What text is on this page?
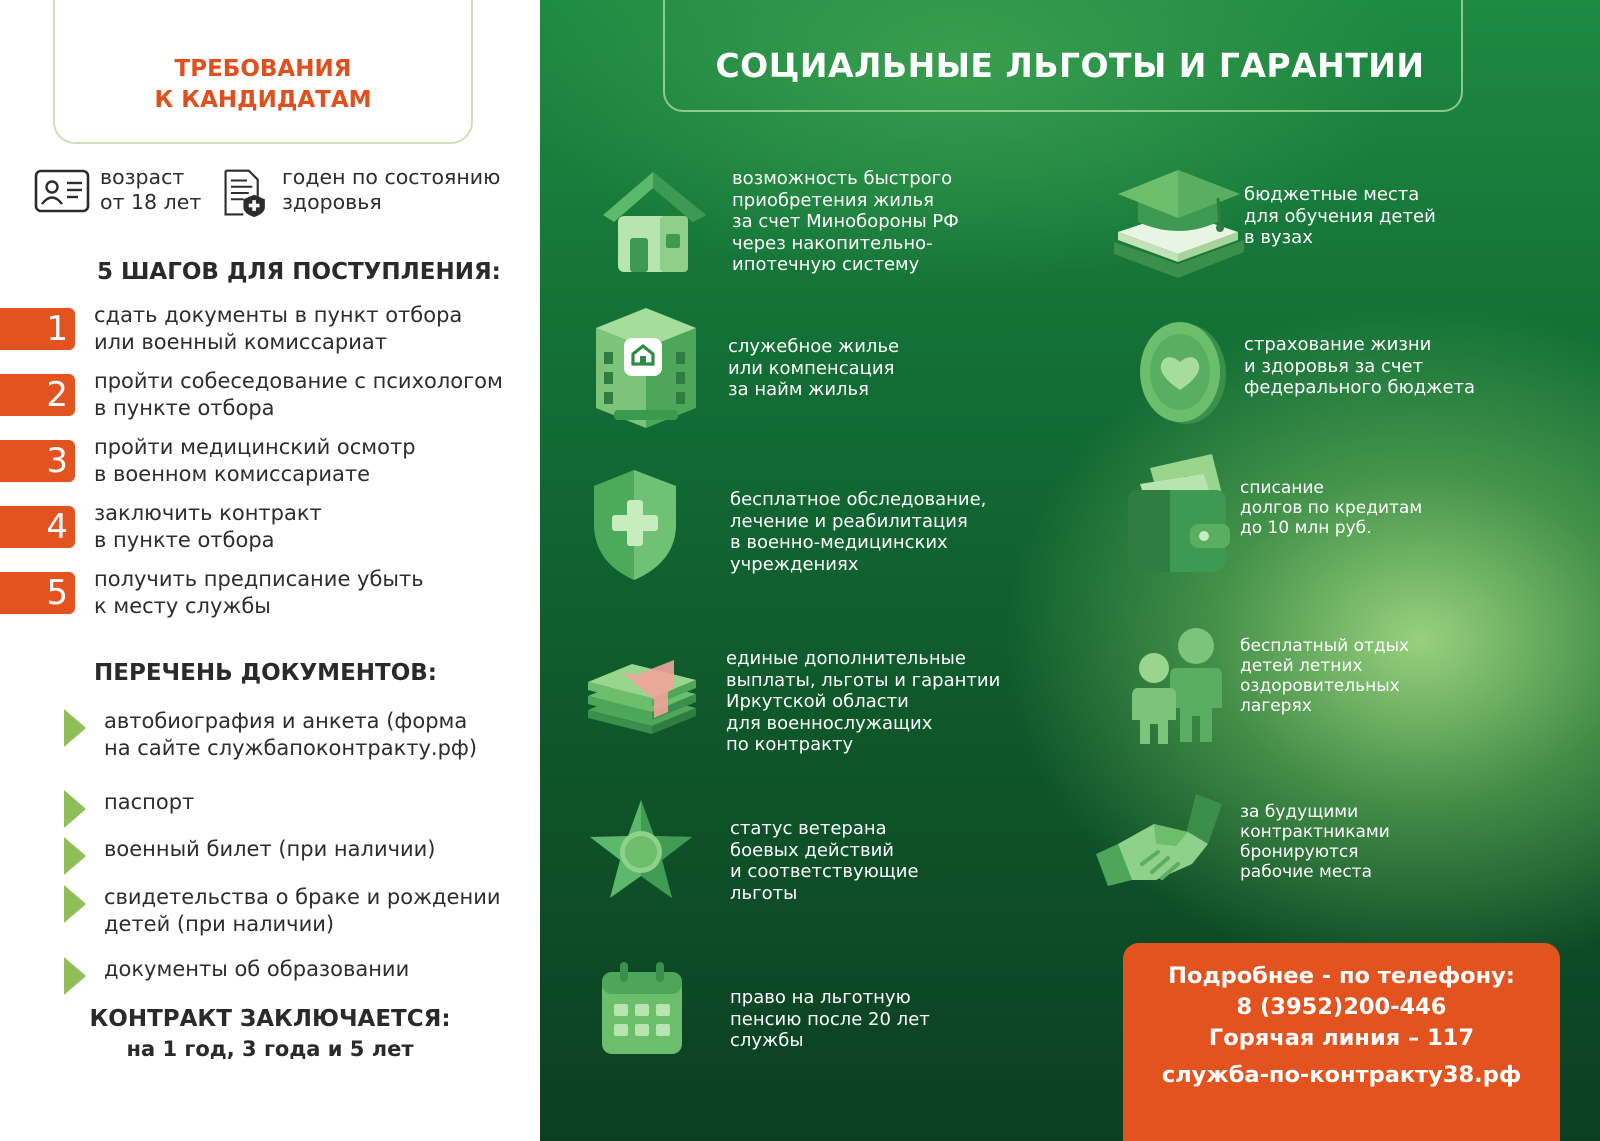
ТРЕБОВАНИЯ
К КАНДИДАТАМ
возраст
от 18 лет
годен по состоянию
здоровья
5 ШАГОВ ДЛЯ ПОСТУПЛЕНИЯ:
1	сдать документы в пункт отбора
или военный комиссариат
2	пройти собеседование с психологом
в пункте отбора
3	пройти медицинский осмотр
в военном комиссариате
4	заключить контракт
в пункте отбора
5	получить предписание убыть
к месту службы
ПЕРЕЧЕНЬ ДОКУМЕНТОВ:
автобиография и анкета (форма
на сайте службапоконтракту.рф)
паспорт
военный билет (при наличии)
свидетельства о браке и рождении
детей (при наличии)
документы об образовании
КОНТРАКТ ЗАКЛЮЧАЕТСЯ:
на 1 год, 3 года и 5 лет
СОЦИАЛЬНЫЕ ЛЬГОТЫ И ГАРАНТИИ
возможность быстрого
приобретения жилья
за счет Минобороны РФ
через накопительно-
ипотечную систему
служебное жилье
или компенсация
за найм жилья
бесплатное обследование,
лечение и реабилитация
в военно-медицинских
учреждениях
единые дополнительные
выплаты, льготы и гарантии
Иркутской области
для военнослужащих
по контракту
статус ветерана
боевых действий
и соответствующие
льготы
право на льготную
пенсию после 20 лет
службы
бюджетные места
для обучения детей
в вузах
страхование жизни
и здоровья за счет
федерального бюджета
списание
долгов по кредитам
до 10 млн руб.
бесплатный отдых
детей летних
оздоровительных
лагерях
за будущими
контрактниками
бронируются
рабочие места
Подробнее - по телефону:
8 (3952)200-446
Горячая линия – 117
служба-по-контракту38.рф
